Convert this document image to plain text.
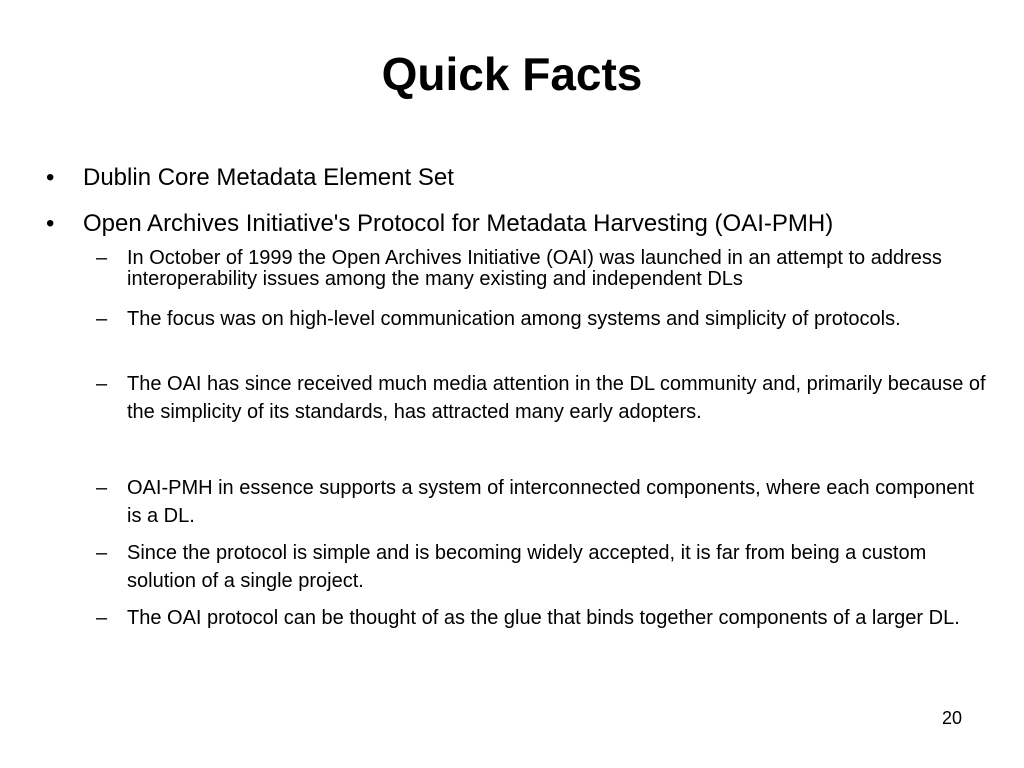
Quick Facts
• Dublin Core Metadata Element Set
• Open Archives Initiative's Protocol for Metadata Harvesting (OAI-PMH)
– In October of 1999 the Open Archives Initiative (OAI) was launched in an attempt to address interoperability issues among the many existing and independent DLs
– The focus was on high-level communication among systems and simplicity of protocols.
– The OAI has since received much media attention in the DL community and, primarily because of the simplicity of its standards, has attracted many early adopters.
– OAI-PMH in essence supports a system of interconnected components, where each component is a DL.
– Since the protocol is simple and is becoming widely accepted, it is far from being a custom solution of a single project.
– The OAI protocol can be thought of as the glue that binds together components of a larger DL.
20
